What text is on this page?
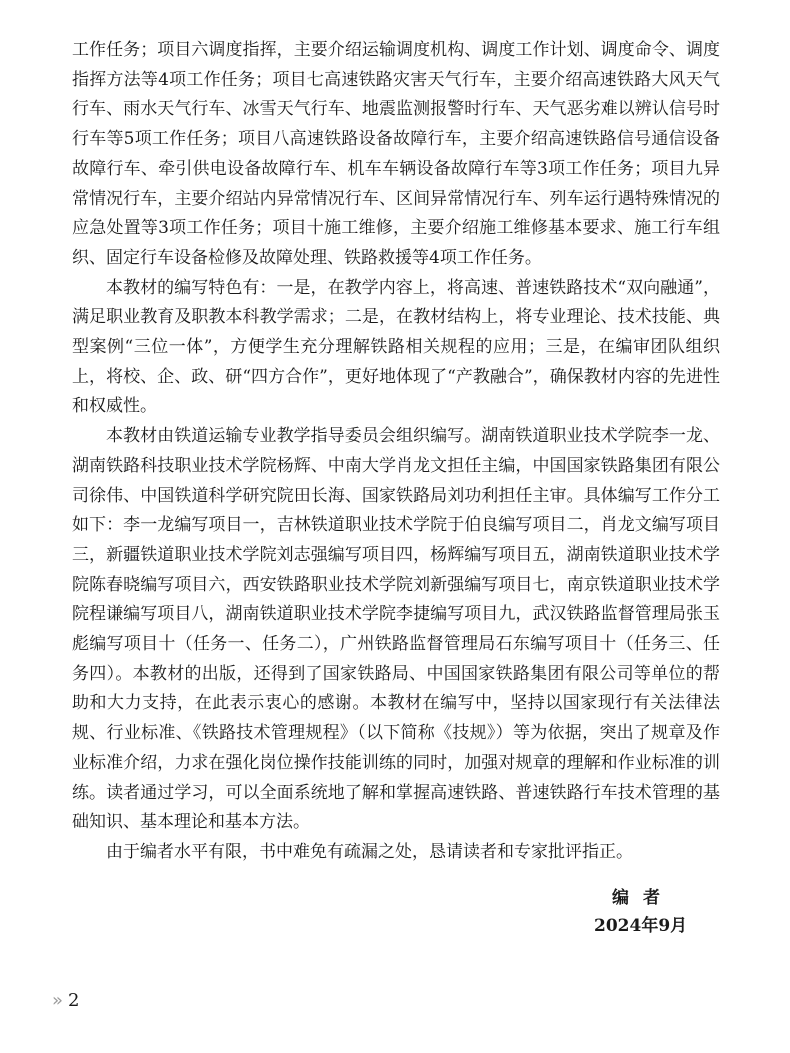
工作任务；项目六调度指挥，主要介绍运输调度机构、调度工作计划、调度命令、调度指挥方法等4项工作任务；项目七高速铁路灾害天气行车，主要介绍高速铁路大风天气行车、雨水天气行车、冰雪天气行车、地震监测报警时行车、天气恶劣难以辨认信号时行车等5项工作任务；项目八高速铁路设备故障行车，主要介绍高速铁路信号通信设备故障行车、牵引供电设备故障行车、机车车辆设备故障行车等3项工作任务；项目九异常情况行车，主要介绍站内异常情况行车、区间异常情况行车、列车运行遇特殊情况的应急处置等3项工作任务；项目十施工维修，主要介绍施工维修基本要求、施工行车组织、固定行车设备检修及故障处理、铁路救援等4项工作任务。

本教材的编写特色有：一是，在教学内容上，将高速、普速铁路技术“双向融通”，满足职业教育及职教本科教学需求；二是，在教材结构上，将专业理论、技术技能、典型案例“三位一体”，方便学生充分理解铁路相关规程的应用；三是，在编审团队组织上，将校、企、政、研“四方合作”，更好地体现了“产教融合”，确保教材内容的先进性和权威性。

本教材由铁道运输专业教学指导委员会组织编写。湖南铁道职业技术学院李一龙、湖南铁路科技职业技术学院杨辉、中南大学肖龙文担任主编，中国国家铁路集团有限公司徐伟、中国铁道科学研究院田长海、国家铁路局刘功利担任主审。具体编写工作分工如下：李一龙编写项目一，吉林铁道职业技术学院于伯良编写项目二，肖龙文编写项目三，新疆铁道职业技术学院刘志强编写项目四，杨辉编写项目五，湖南铁道职业技术学院陈春晓编写项目六，西安铁路职业技术学院刘新强编写项目七，南京铁道职业技术学院程谦编写项目八，湖南铁道职业技术学院李捷编写项目九，武汉铁路监督管理局张玉彪编写项目十（任务一、任务二），广州铁路监督管理局石东编写项目十（任务三、任务四）。本教材的出版，还得到了国家铁路局、中国国家铁路集团有限公司等单位的帮助和大力支持，在此表示衷心的感谢。本教材在编写中，坚持以国家现行有关法律法规、行业标准、《铁路技术管理规程》（以下简称《技规》）等为依据，突出了规章及作业标准介绍，力求在强化岗位操作技能训练的同时，加强对规章的理解和作业标准的训练。读者通过学习，可以全面系统地了解和掌握高速铁路、普速铁路行车技术管理的基础知识、基本理论和基本方法。

由于编者水平有限，书中难免有疏漏之处，恳请读者和专家批评指正。

编者
2024年9月
» 2
